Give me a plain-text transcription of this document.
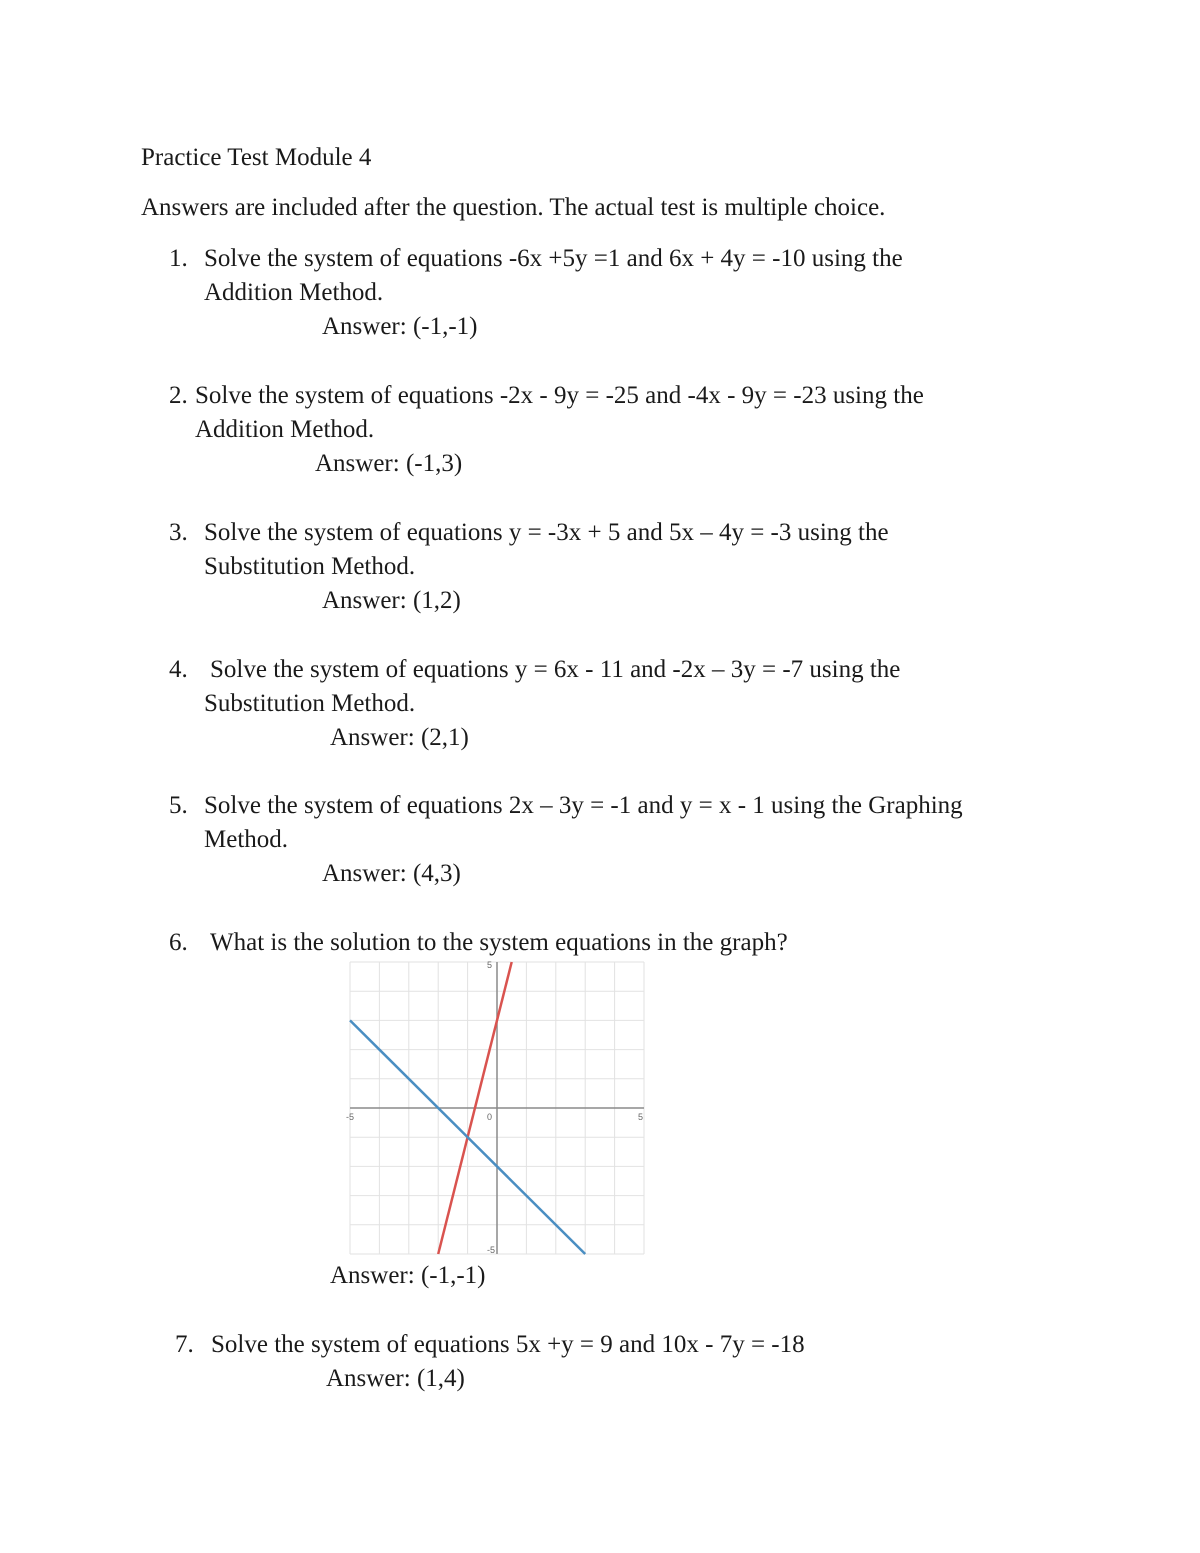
Practice Test Module 4
Answers are included after the question. The actual test is multiple choice.
1. Solve the system of equations -6x +5y =1 and 6x + 4y = -10 using the
Addition Method.
Answer: (-1,-1)
2. Solve the system of equations -2x - 9y = -25 and -4x - 9y = -23 using the
Addition Method.
Answer: (-1,3)
3. Solve the system of equations y = -3x + 5 and 5x – 4y = -3 using the
Substitution Method.
Answer: (1,2)
4. Solve the system of equations y = 6x - 11 and -2x – 3y = -7 using the
Substitution Method.
Answer: (2,1)
5. Solve the system of equations 2x – 3y = -1 and y = x - 1 using the Graphing
Method.
Answer: (4,3)
6. What is the solution to the system equations in the graph?
-5	0	5
5
-5
Answer: (-1,-1)
7. Solve the system of equations 5x +y = 9 and 10x - 7y = -18
Answer: (1,4)
